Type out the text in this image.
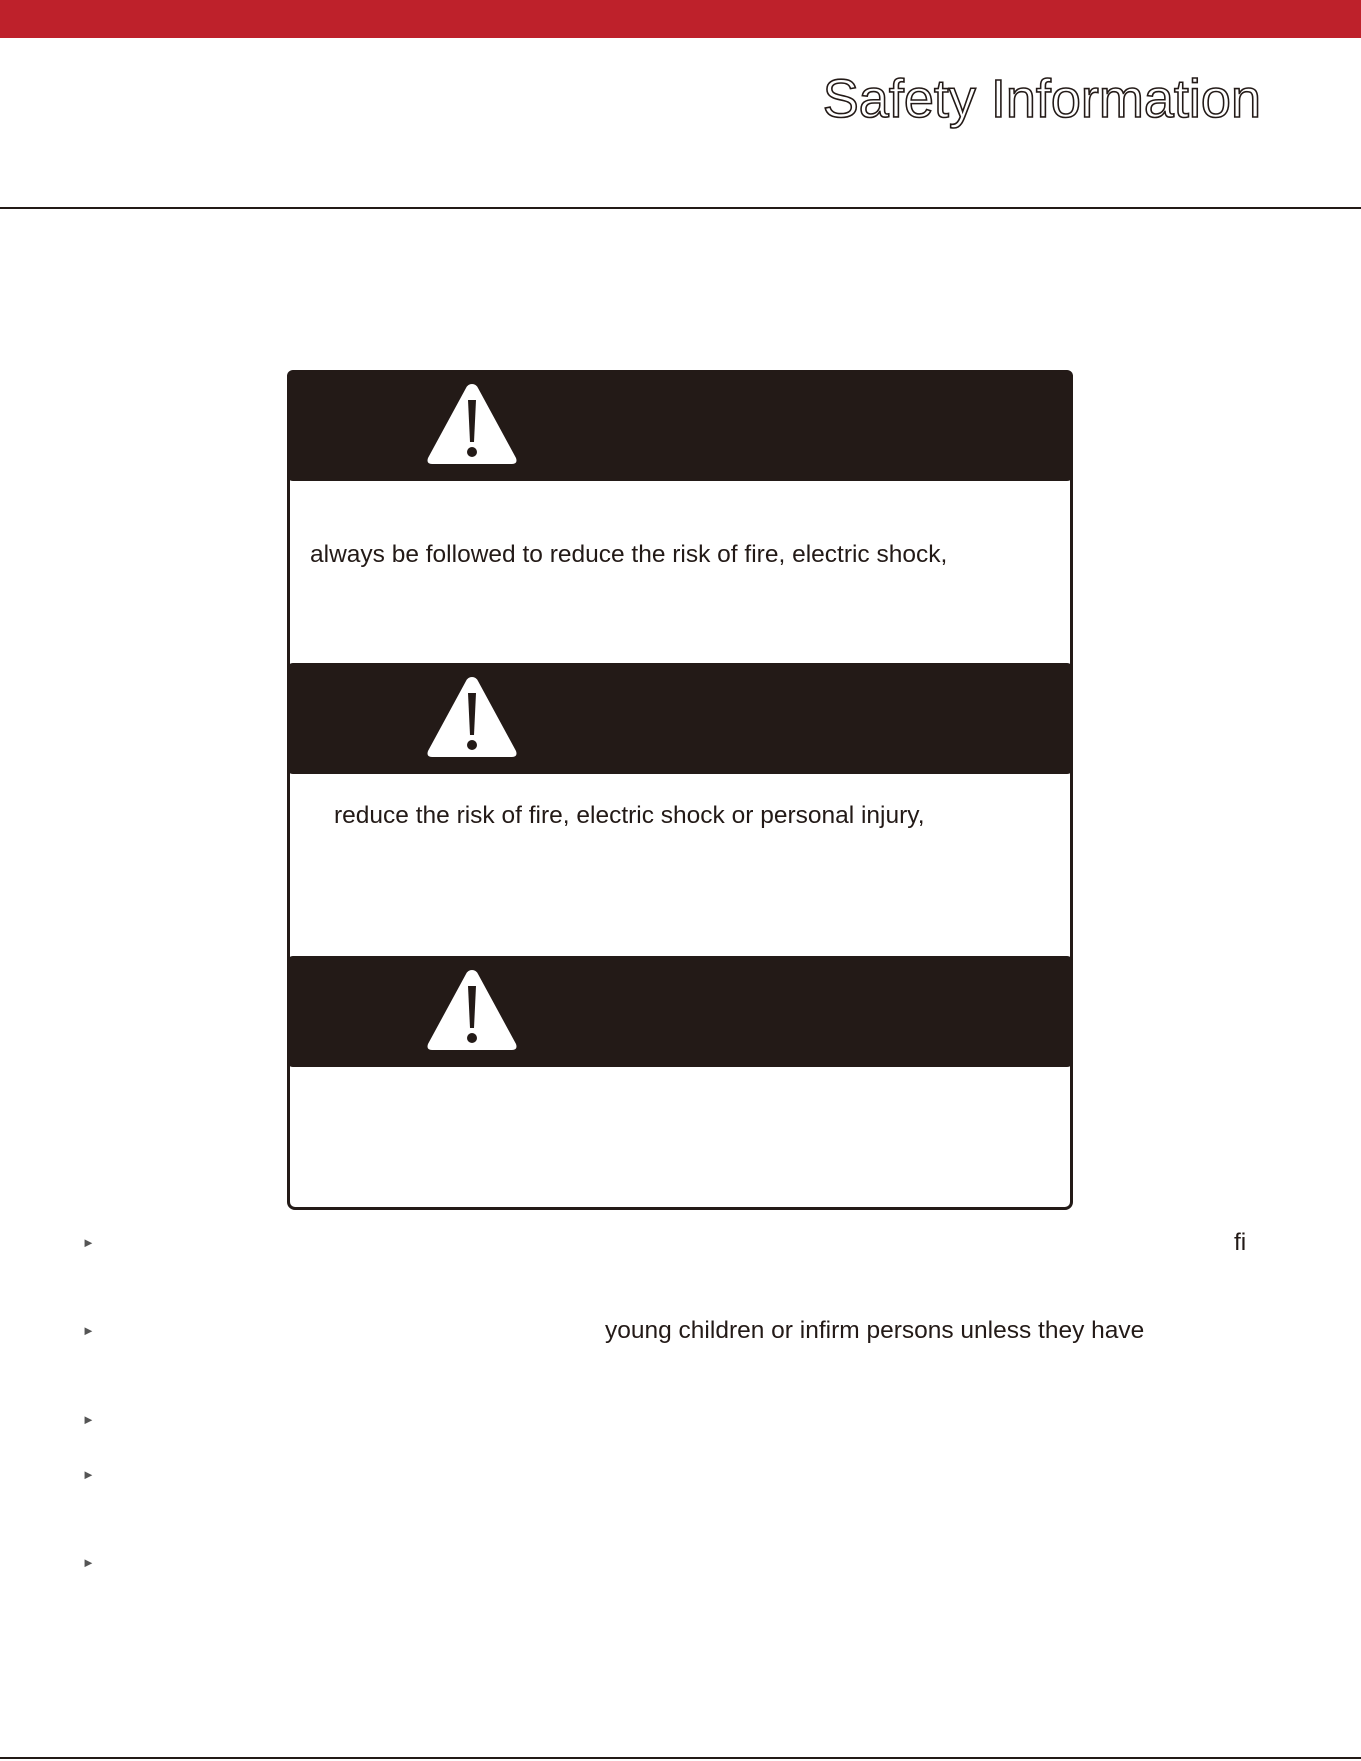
Safety Information
always be followed to reduce the risk of fire, electric shock,
reduce the risk of fire, electric shock or personal injury,
►	fi
►	young children or infirm persons unless they have
►
►
►
